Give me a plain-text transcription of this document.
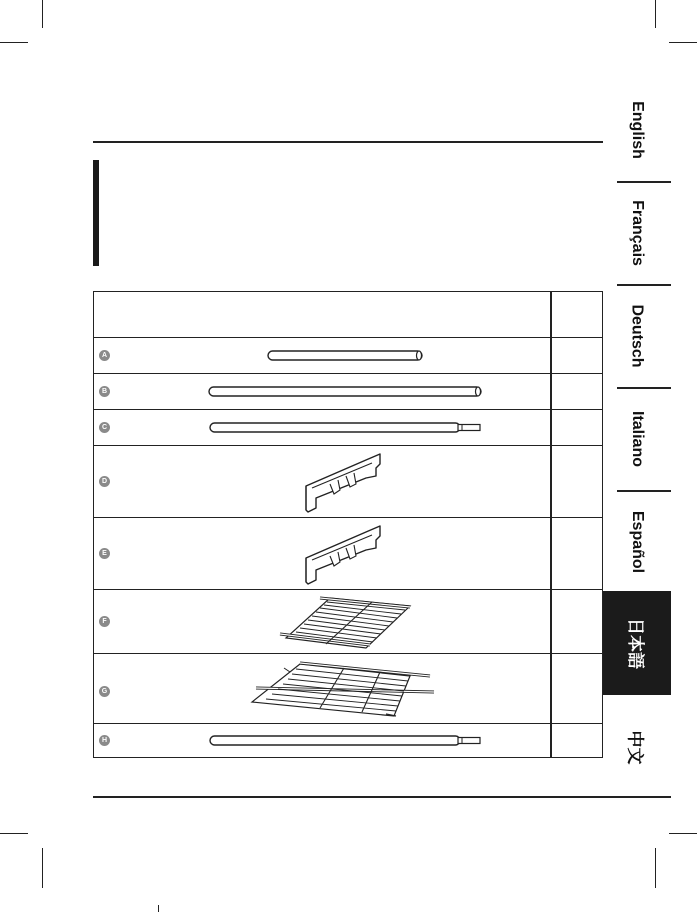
English
Français
Deutsch
Italiano
Español
日本語
中文
A
B
C
D
E
F
G
H
